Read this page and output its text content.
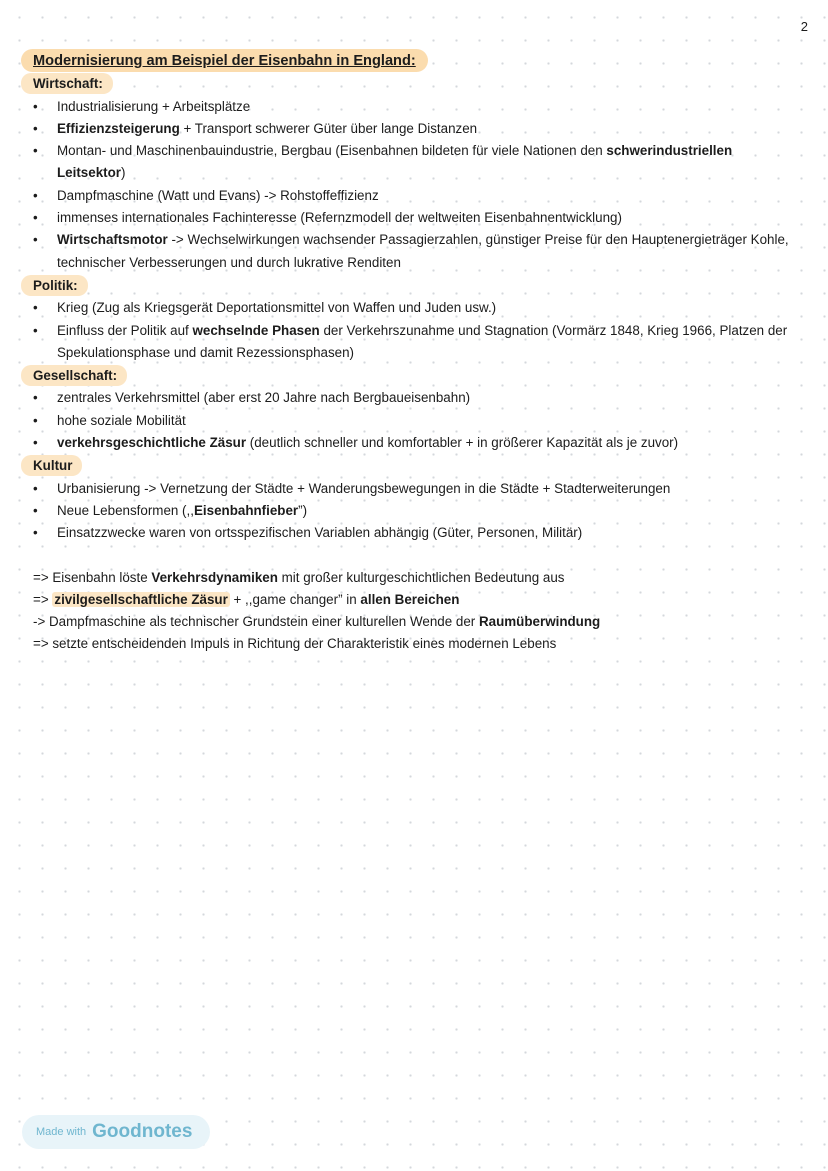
2
Modernisierung am Beispiel der Eisenbahn in England:
Wirtschaft:
• Industrialisierung + Arbeitsplätze
• Effizienzsteigerung + Transport schwerer Güter über lange Distanzen
• Montan- und Maschinenbauindustrie, Bergbau (Eisenbahnen bildeten für viele Nationen den schwerindustriellen Leitsektor)
• Dampfmaschine (Watt und Evans) -> Rohstoffeffizienz
• immenses internationales Fachinteresse (Refernzmodell der weltweiten Eisenbahnentwicklung)
• Wirtschaftsmotor -> Wechselwirkungen wachsender Passagierzahlen, günstiger Preise für den Hauptenergieträger Kohle, technischer Verbesserungen und durch lukrative Renditen
Politik:
• Krieg (Zug als Kriegsgerät Deportationsmittel von Waffen und Juden usw.)
• Einfluss der Politik auf wechselnde Phasen der Verkehrszunahme und Stagnation (Vormärz 1848, Krieg 1966, Platzen der Spekulationsphase und damit Rezessionsphasen)
Gesellschaft:
• zentrales Verkehrsmittel (aber erst 20 Jahre nach Bergbaueisenbahn)
• hohe soziale Mobilität
• verkehrsgeschichtliche Zäsur (deutlich schneller und komfortabler + in größerer Kapazität als je zuvor)
Kultur
• Urbanisierung -> Vernetzung der Städte + Wanderungsbewegungen in die Städte + Stadterweiterungen
• Neue Lebensformen (,,Eisenbahnfieber”)
• Einsatzzwecke waren von ortsspezifischen Variablen abhängig (Güter, Personen, Militär)
=> Eisenbahn löste Verkehrsdynamiken mit großer kulturgeschichtlichen Bedeutung aus
=> zivilgesellschaftliche Zäsur + ,,game changer” in allen Bereichen
-> Dampfmaschine als technischer Grundstein einer kulturellen Wende der Raumüberwindung
=> setzte entscheidenden Impuls in Richtung der Charakteristik eines modernen Lebens
Made with Goodnotes
